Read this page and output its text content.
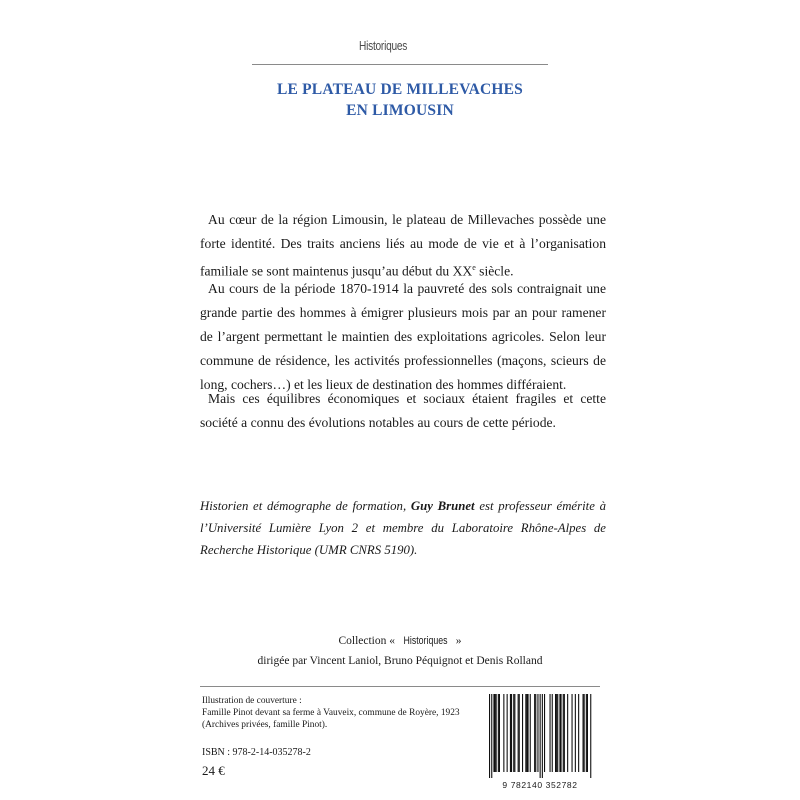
Historiques
LE PLATEAU DE MILLEVACHES
EN LIMOUSIN

Au cœur de la région Limousin, le plateau de Millevaches possède une forte identité. Des traits anciens liés au mode de vie et à l’organisation familiale se sont maintenus jusqu’au début du XXe siècle.

Au cours de la période 1870-1914 la pauvreté des sols contraignait une grande partie des hommes à émigrer plusieurs mois par an pour ramener de l’argent permettant le maintien des exploitations agricoles. Selon leur commune de résidence, les activités professionnelles (maçons, scieurs de long, cochers…) et les lieux de destination des hommes différaient.

Mais ces équilibres économiques et sociaux étaient fragiles et cette société a connu des évolutions notables au cours de cette période.

Historien et démographe de formation, Guy Brunet est professeur émérite à l’Université Lumière Lyon 2 et membre du Laboratoire Rhône-Alpes de Recherche Historique (UMR CNRS 5190).
Collection « Historiques »
dirigée par Vincent Laniol, Bruno Péquignot et Denis Rolland
Illustration de couverture :
Famille Pinot devant sa ferme à Vauveix, commune de Royère, 1923
(Archives privées, famille Pinot).
ISBN : 978-2-14-035278-2
24 €
9 782140 352782
